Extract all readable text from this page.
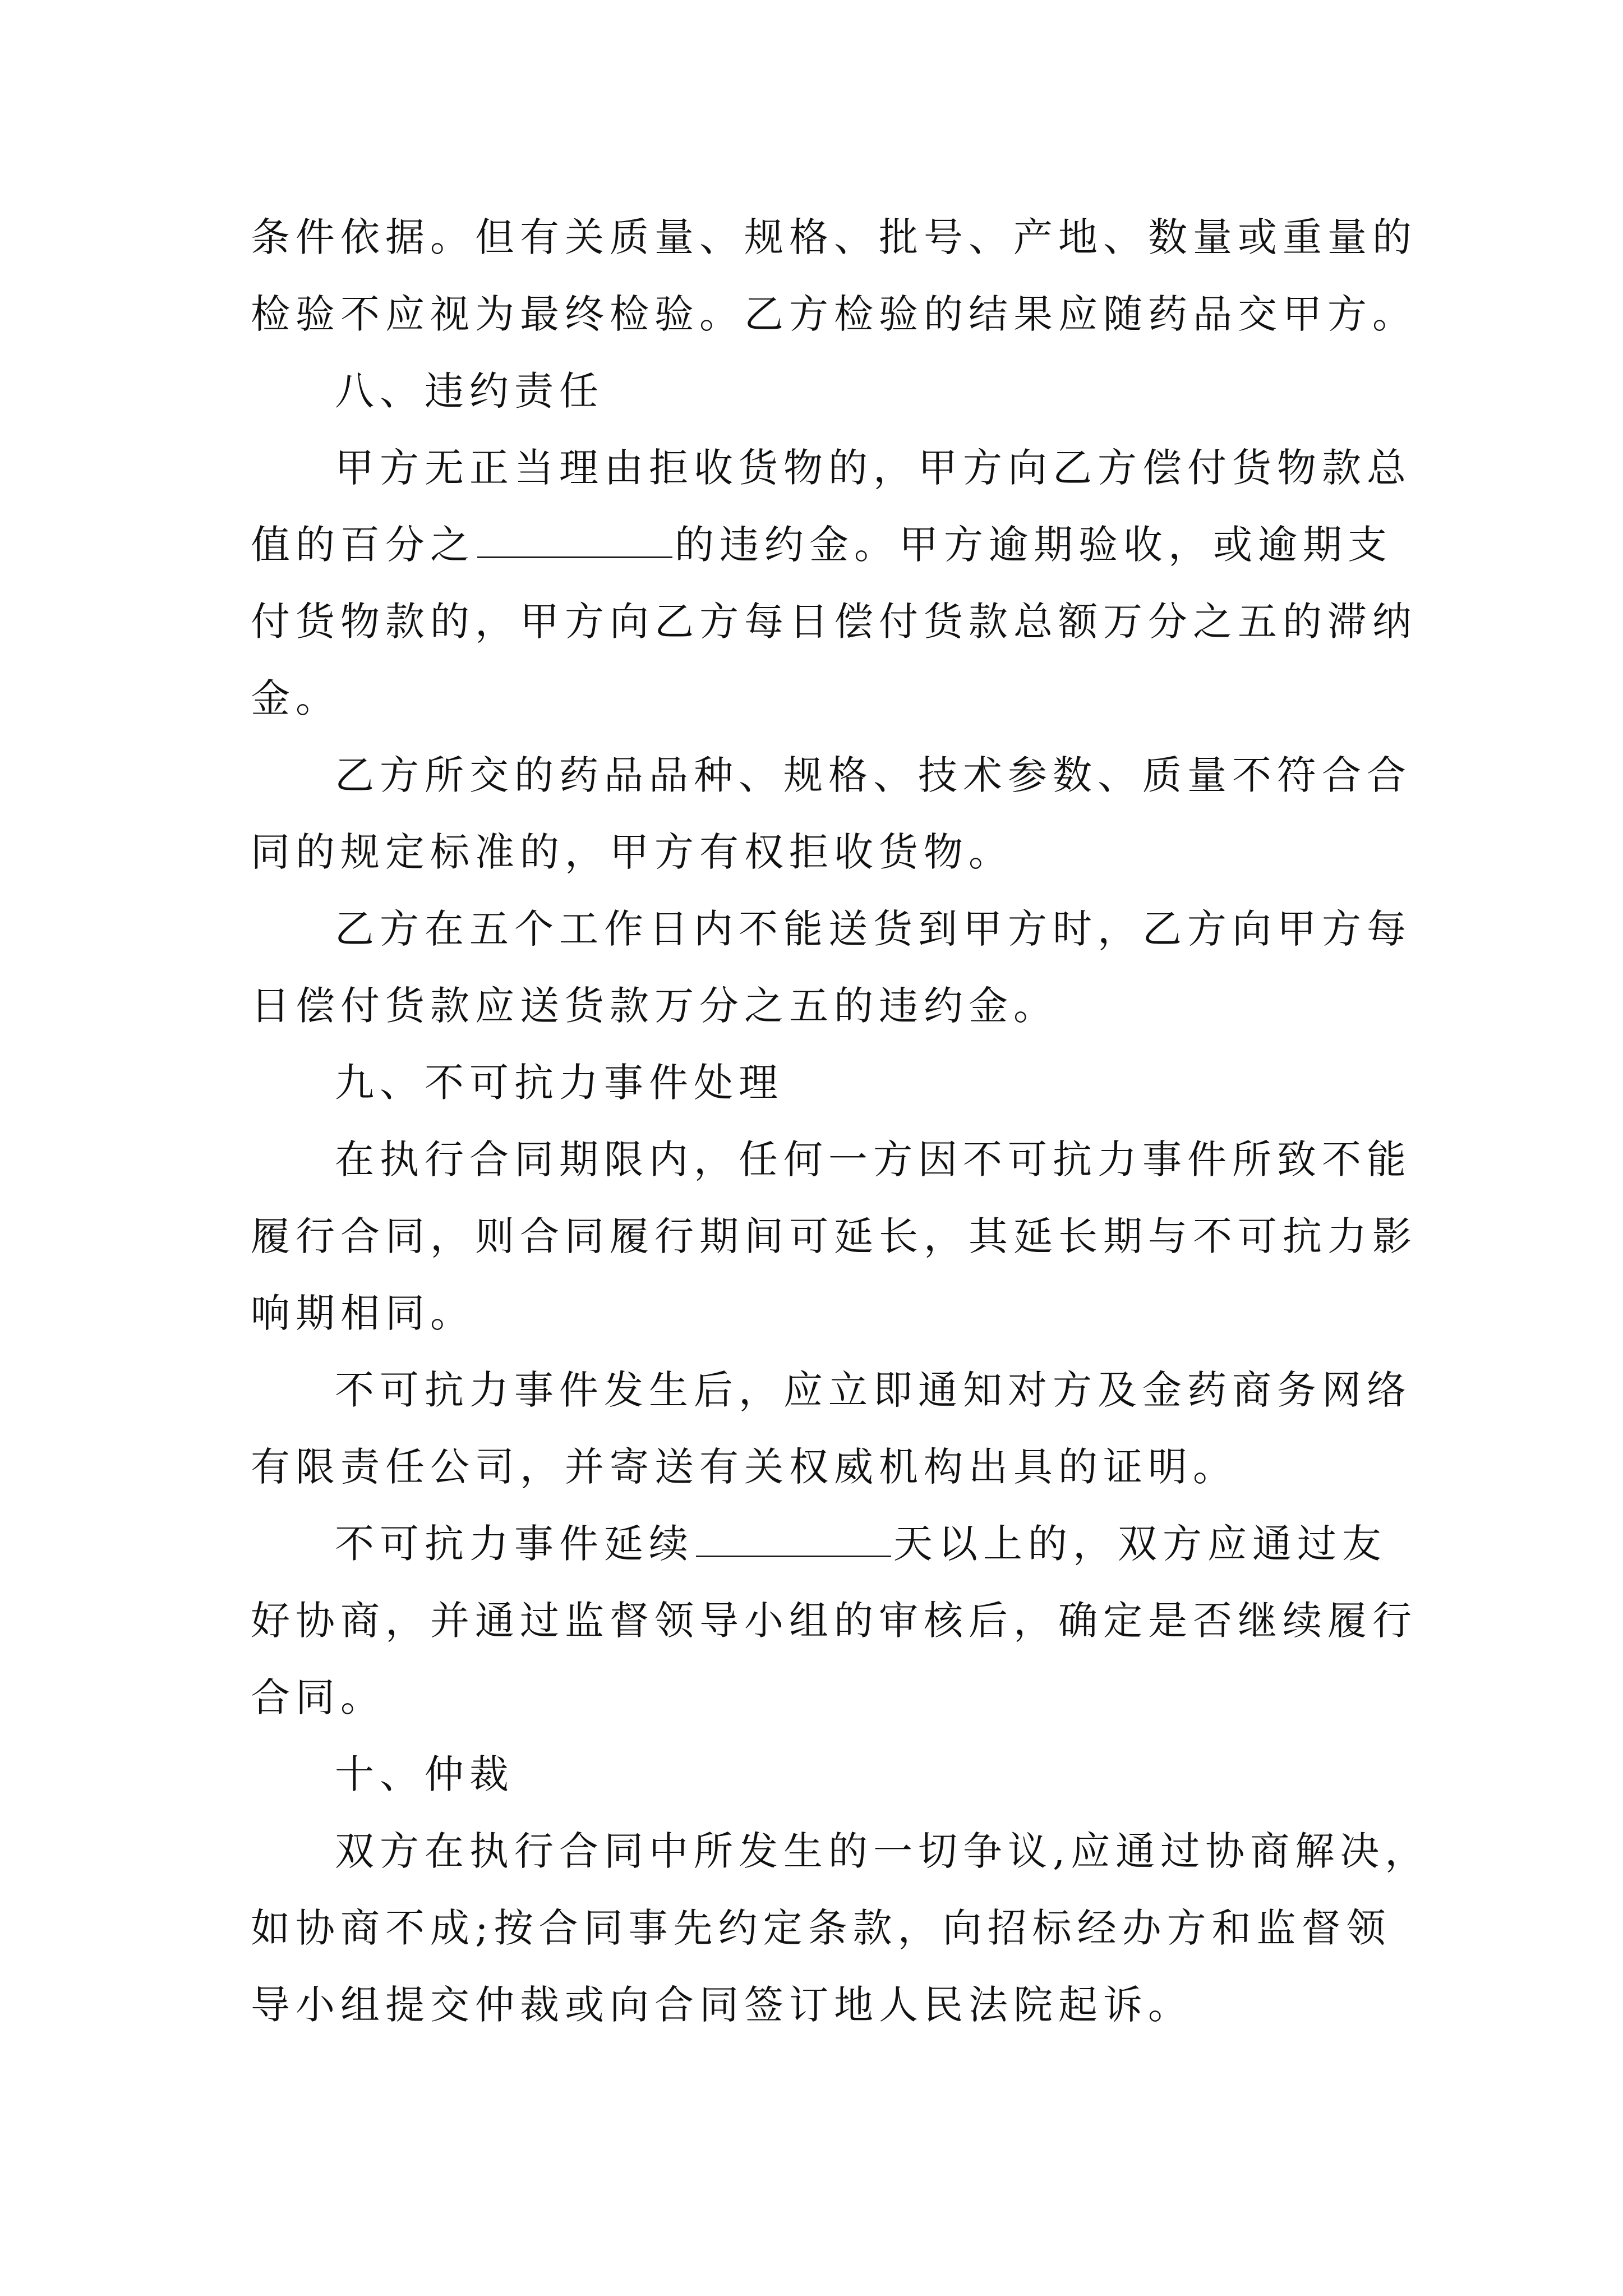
条件依据。但有关质量、规格、批号、产地、数量或重量的
检验不应视为最终检验。乙方检验的结果应随药品交甲方。
八、违约责任
甲方无正当理由拒收货物的，甲方向乙方偿付货物款总
值的百分之	的违约金。甲方逾期验收，或逾期支
付货物款的，甲方向乙方每日偿付货款总额万分之五的滞纳
金。
乙方所交的药品品种、规格、技术参数、质量不符合合
同的规定标准的，甲方有权拒收货物。
乙方在五个工作日内不能送货到甲方时，乙方向甲方每
日偿付货款应送货款万分之五的违约金。
九、不可抗力事件处理
在执行合同期限内，任何一方因不可抗力事件所致不能
履行合同，则合同履行期间可延长，其延长期与不可抗力影
响期相同。
不可抗力事件发生后，应立即通知对方及金药商务网络
有限责任公司，并寄送有关权威机构出具的证明。
不可抗力事件延续	天以上的，双方应通过友
好协商，并通过监督领导小组的审核后，确定是否继续履行
合同。
十、仲裁
双方在执行合同中所发生的一切争议,应通过协商解决，
如协商不成;按合同事先约定条款，向招标经办方和监督领
导小组提交仲裁或向合同签订地人民法院起诉。
